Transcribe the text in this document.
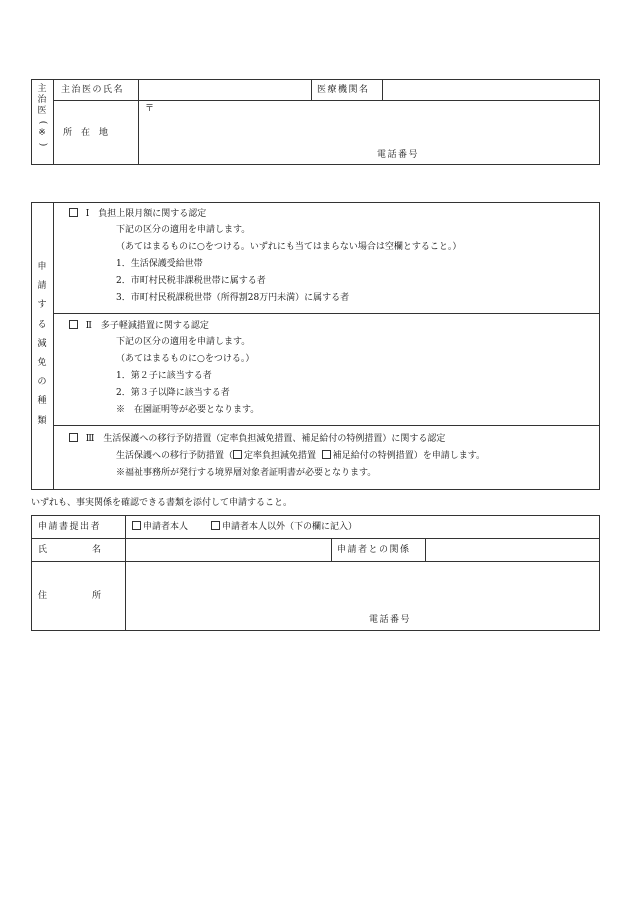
主
治
医
(
※
)
主治医の氏名	医療機関名
〒
所　在　地
電話番号
申
請
す
る
減
免
の
種
類
Ⅰ　負担上限月額に関する認定
下記の区分の適用を申請します。
（あてはまるものに○をつける。いずれにも当てはまらない場合は空欄とすること。）
1．生活保護受給世帯
2．市町村民税非課税世帯に属する者
3．市町村民税課税世帯（所得割28万円未満）に属する者
Ⅱ　多子軽減措置に関する認定
下記の区分の適用を申請します。
（あてはまるものに○をつける。）
1．第２子に該当する者
2．第３子以降に該当する者
※　在園証明等が必要となります。
Ⅲ　生活保護への移行予防措置（定率負担減免措置、補足給付の特例措置）に関する認定
生活保護への移行予防措置（ 定率負担減免措置 補足給付の特例措置）を申請します。
※福祉事務所が発行する境界層対象者証明書が必要となります。
いずれも、事実関係を確認できる書類を添付して申請すること。
申請書提出者	申請者本人	申請者本人以外（下の欄に記入）
氏　　　　　名	申請者との関係
住　　　　　所
電話番号
